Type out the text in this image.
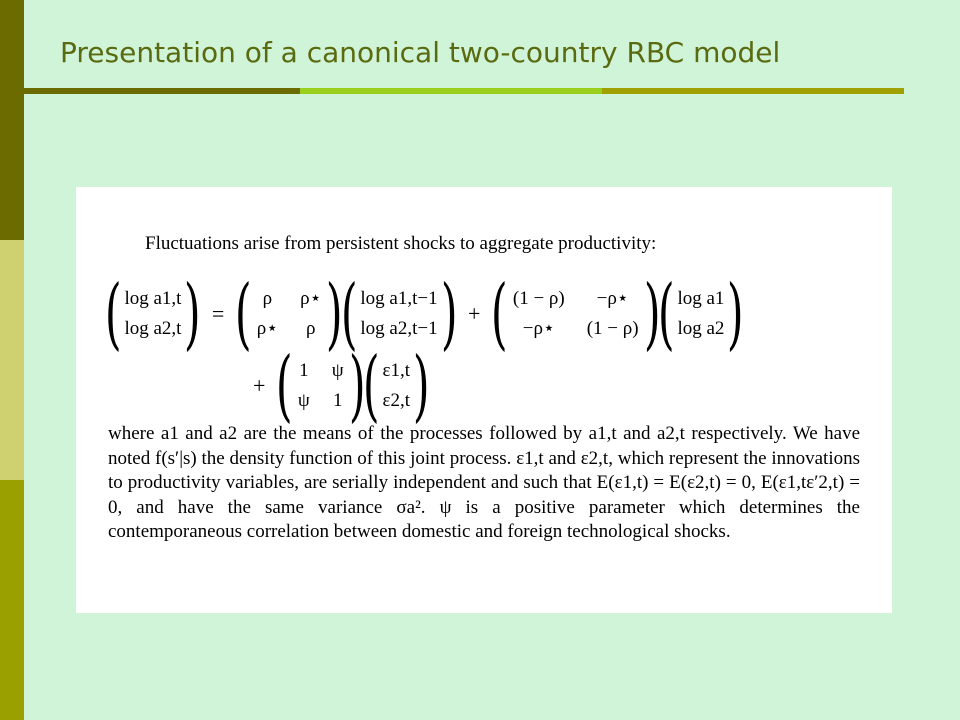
Presentation of a canonical two-country RBC model
Fluctuations arise from persistent shocks to aggregate productivity:
( log a1,t
log a2,t ) = ( ρ	ρ⋆
ρ⋆	ρ )
( log a1,t−1
log a2,t−1 ) + ( (1 − ρ)	−ρ⋆
−ρ⋆	(1 − ρ) )
( log a1
log a2 )
+ ( 1 ψ
ψ 1 )
( ε1,t
ε2,t )
where a1 and a2 are the means of the processes followed by a1,t and a2,t respectively. We have noted f(s′|s) the density function of this joint process. ε1,t and ε2,t, which represent the innovations to productivity variables, are serially independent and such that E(ε1,t) = E(ε2,t) = 0, E(ε1,tε′2,t) = 0, and have the same variance σa². ψ is a positive parameter which determines the contemporaneous correlation between domestic and foreign technological shocks.
